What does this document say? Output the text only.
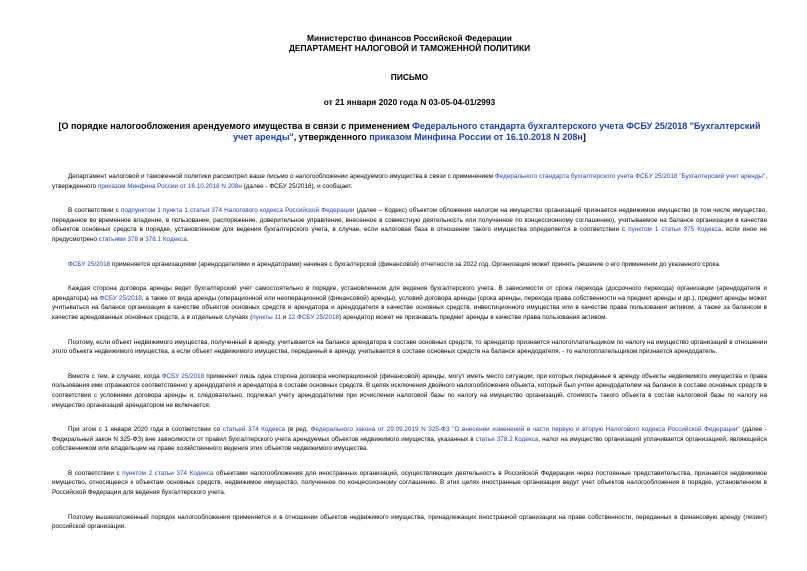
Министерство финансов Российской Федерации
ДЕПАРТАМЕНТ НАЛОГОВОЙ И ТАМОЖЕННОЙ ПОЛИТИКИ
ПИСЬМО
от 21 января 2020 года N 03-05-04-01/2993
[О порядке налогообложения арендуемого имущества в связи с применением Федерального стандарта бухгалтерского учета ФСБУ 25/2018 "Бухгалтерский учет аренды", утвержденного приказом Минфина России от 16.10.2018 N 208н]

Департамент налоговой и таможенной политики рассмотрел ваше письмо о налогообложении арендуемого имущества в связи с применением Федерального стандарта бухгалтерского учета ФСБУ 25/2018 "Бухгалтерский учет аренды", утвержденного приказом Минфина России от 16.10.2018 N 208н (далее - ФСБУ 25/2018), и сообщает.

В соответствии с подпунктом 1 пункта 1 статьи 374 Налогового кодекса Российской Федерации (далее – Кодекс) объектом обложения налогом на имущество организаций признается недвижимое имущество (в том числе имущество, переданное во временное владение, в пользование, распоряжение, доверительное управление, внесенное в совместную деятельность или полученное по концессионному соглашению), учитываемое на балансе организации в качестве объектов основных средств в порядке, установленном для ведения бухгалтерского учета, в случае, если налоговая база в отношении такого имущества определяется в соответствии с пунктом 1 статьи 375 Кодекса, если иное не предусмотрено статьями 378 и 378.1 Кодекса.

ФСБУ 25/2018 применяется организациями (арендодателями и арендаторами) начиная с бухгалтерской (финансовой) отчетности за 2022 год. Организация может принять решение о его применении до указанного срока.

Каждая сторона договора аренды ведет бухгалтерский учет самостоятельно в порядке, установленном для ведения бухгалтерского учета. В зависимости от срока перехода (досрочного перехода) организации (арендодателя и арендатора) на ФСБУ 25/2018, а также от вида аренды (операционной или неоперационной (финансовой) аренды), условий договора аренды (срока аренды, перехода права собственности на предмет аренды и др.), предмет аренды может учитываться на балансе организации в качестве объектов основных средств и арендатора и арендодателя в качестве основных средств, инвестиционного имущества или в качестве права пользования активом, а также за балансом в качестве арендованных основных средств, а в отдельных случаях (пункты 11 и 12 ФСБУ 25/2018) арендатор может не признавать предмет аренды в качестве права пользования активом.

Поэтому, если объект недвижимого имущества, полученный в аренду, учитывается на балансе арендатора в составе основных средств, то арендатор признается налогоплательщиком по налогу на имущество организаций в отношении этого объекта недвижимого имущества, а если объект недвижимого имущества, переданный в аренду, учитывается в составе основных средств на балансе арендодателя, - то налогоплательщиком признается арендодатель.

Вместе с тем, в случаях, когда ФСБУ 25/2018 применяет лишь одна сторона договора неоперационной (финансовой) аренды, могут иметь место ситуации, при которых переданные в аренду объекты недвижимого имущества и права пользования ими отражаются соответственно у арендодателя и арендатора в составе основных средств. В целях исключения двойного налогообложения объекта, который был учтен арендодателем на балансе в составе основных средств в соответствии с условиями договора аренды и, следовательно, подлежал учету арендодателем при исчислении налоговой базы по налогу на имущество организаций, стоимость такого объекта в состав налоговой базы по налогу на имущество организаций арендатором не включается.

При этом с 1 января 2020 года в соответствии со статьей 374 Кодекса (в ред. Федерального закона от 29.09.2019 N 325-ФЗ "О внесении изменений в части первую и вторую Налогового кодекса Российской Федерации" (далее - Федеральный закон N 325-ФЗ) вне зависимости от правил бухгалтерского учета арендуемых объектов недвижимого имущества, указанных в статье 378.2 Кодекса, налог на имущество организаций уплачивается организацией, являющейся собственником или владельцем на праве хозяйственного ведения этих объектов недвижимого имущества.

В соответствии с пунктом 2 статьи 374 Кодекса объектами налогообложения для иностранных организаций, осуществляющих деятельность в Российской Федерации через постоянные представительства, признается недвижимое имущество, относящееся к объектам основных средств, недвижимое имущество, полученное по концессионному соглашению. В этих целях иностранные организации ведут учет объектов налогообложения в порядке, установленном в Российской Федерации для ведения бухгалтерского учета.

Поэтому вышеизложенный порядок налогообложения применяется и в отношении объектов недвижимого имущества, принадлежащих иностранной организации на праве собственности, переданных в финансовую аренду (лизинг) российской организации.
